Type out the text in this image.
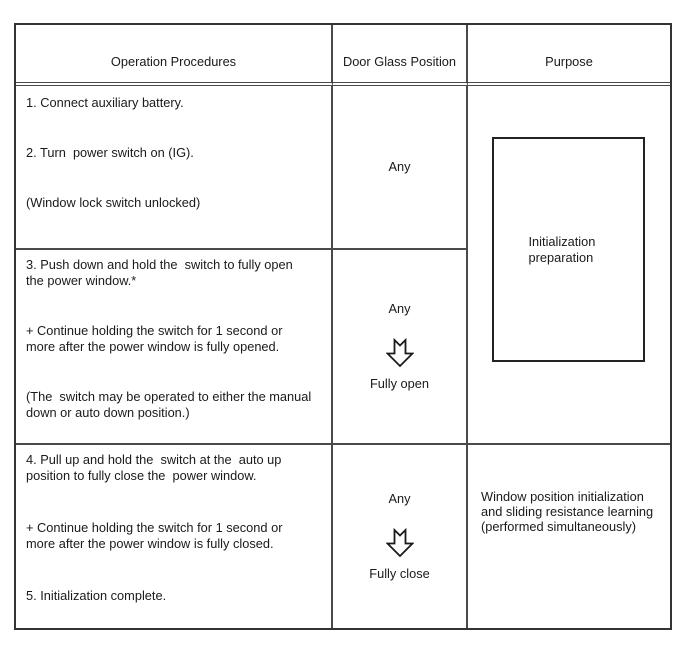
Operation Procedures	Door Glass Position	Purpose

1. Connect auxiliary battery.

2. Turn  power switch on (IG).

(Window lock switch unlocked)

Any
Initialization preparation

3. Push down and hold the  switch to fully open the power window.*

+ Continue holding the switch for 1 second or more after the power window is fully opened.

(The  switch may be operated to either the manual down or auto down position.)

Any
Fully open

4. Pull up and hold the  switch at the  auto up position to fully close the  power window.

+ Continue holding the switch for 1 second or more after the power window is fully closed.

5. Initialization complete.

Any
Fully close
Window position initialization and sliding resistance learning (performed simultaneously)
